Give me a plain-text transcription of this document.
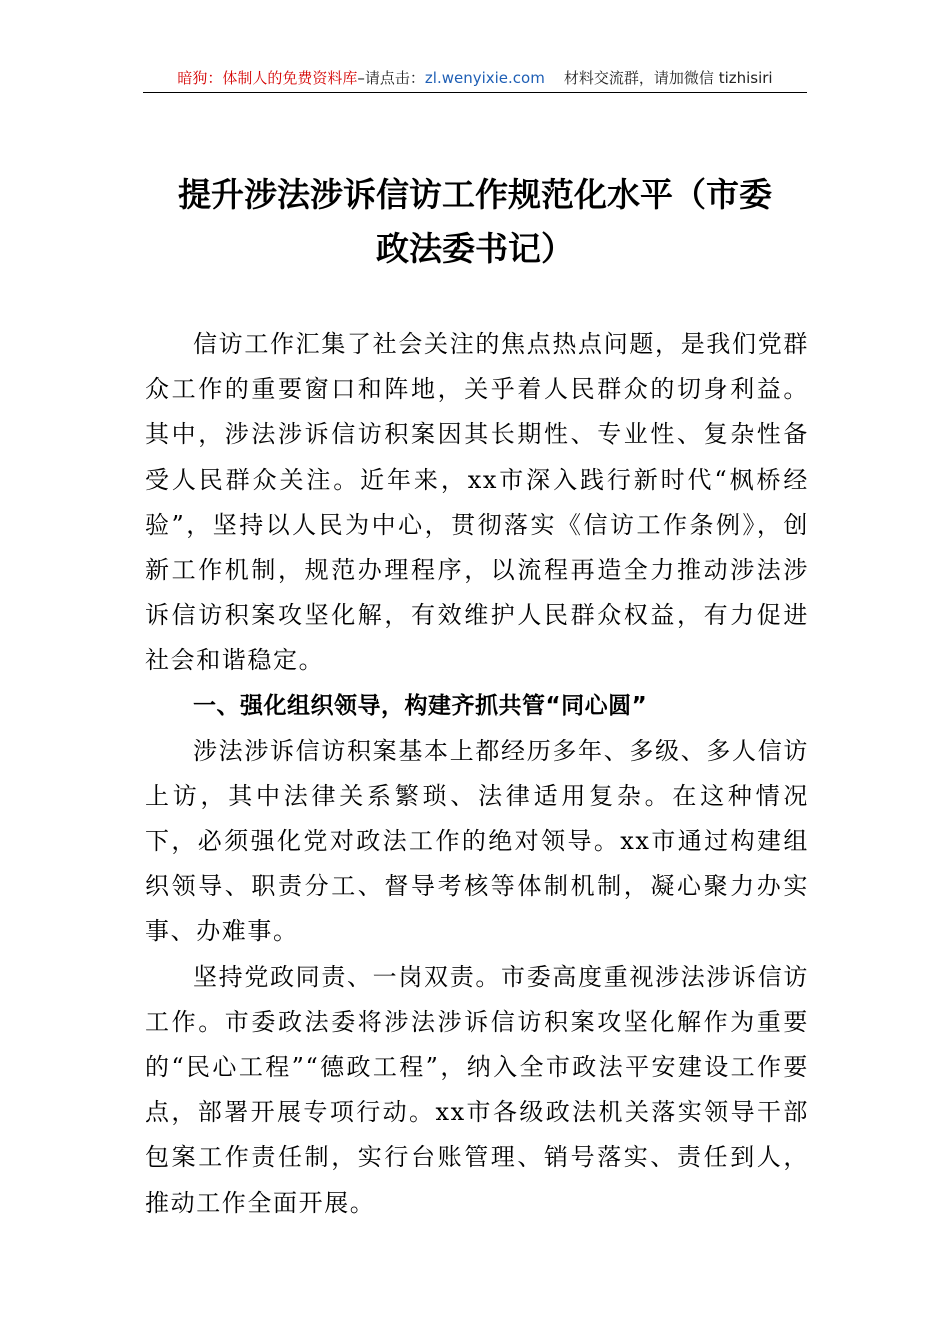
暗狗：体制人的免费资料库–请点击：zl.wenyixie.com 材料交流群，请加微信 tizhisiri
提升涉法涉诉信访工作规范化水平（市委
政法委书记）

信访工作汇集了社会关注的焦点热点问题，是我们党群众工作的重要窗口和阵地，关乎着人民群众的切身利益。其中，涉法涉诉信访积案因其长期性、专业性、复杂性备受人民群众关注。近年来，xx市深入践行新时代“枫桥经验”，坚持以人民为中心，贯彻落实《信访工作条例》，创新工作机制，规范办理程序，以流程再造全力推动涉法涉诉信访积案攻坚化解，有效维护人民群众权益，有力促进社会和谐稳定。

一、强化组织领导，构建齐抓共管“同心圆”

涉法涉诉信访积案基本上都经历多年、多级、多人信访上访，其中法律关系繁琐、法律适用复杂。在这种情况下，必须强化党对政法工作的绝对领导。xx市通过构建组织领导、职责分工、督导考核等体制机制，凝心聚力办实事、办难事。

坚持党政同责、一岗双责。市委高度重视涉法涉诉信访工作。市委政法委将涉法涉诉信访积案攻坚化解作为重要的“民心工程”“德政工程”，纳入全市政法平安建设工作要点，部署开展专项行动。xx市各级政法机关落实领导干部包案工作责任制，实行台账管理、销号落实、责任到人，推动工作全面开展。
